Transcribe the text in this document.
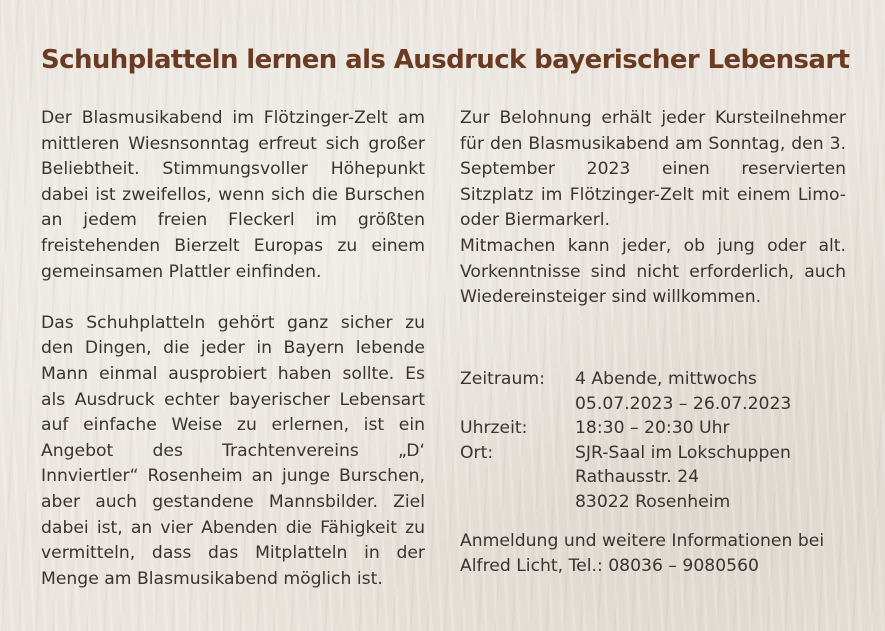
Schuhplatteln lernen als Ausdruck bayerischer Lebensart

Der Blasmusikabend im Flötzinger-Zelt am mittleren Wiesnsonntag erfreut sich großer Beliebtheit. Stimmungsvoller Höhepunkt dabei ist zweifellos, wenn sich die Burschen an jedem freien Fleckerl im größten freistehenden Bierzelt Europas zu einem gemeinsamen Plattler einfinden.

Das Schuhplatteln gehört ganz sicher zu den Dingen, die jeder in Bayern lebende Mann einmal ausprobiert haben sollte. Es als Ausdruck echter bayerischer Lebensart auf einfache Weise zu erlernen, ist ein Angebot des Trachtenvereins „D‘ Innviertler“ Rosenheim an junge Burschen, aber auch gestandene Mannsbilder. Ziel dabei ist, an vier Abenden die Fähigkeit zu vermitteln, dass das Mitplatteln in der Menge am Blasmusikabend möglich ist.

Zur Belohnung erhält jeder Kursteilnehmer für den Blasmusikabend am Sonntag, den 3. September 2023 einen reservierten Sitzplatz im Flötzinger-Zelt mit einem Limo- oder Biermarkerl.

Mitmachen kann jeder, ob jung oder alt. Vorkenntnisse sind nicht erforderlich, auch Wiedereinsteiger sind willkommen.

Zeitraum:	4 Abende, mittwochs
05.07.2023 – 26.07.2023
Uhrzeit:	18:30 – 20:30 Uhr
Ort:	SJR-Saal im Lokschuppen
Rathausstr. 24
83022 Rosenheim

Anmeldung und weitere Informationen bei

Alfred Licht, Tel.: 08036 – 9080560
